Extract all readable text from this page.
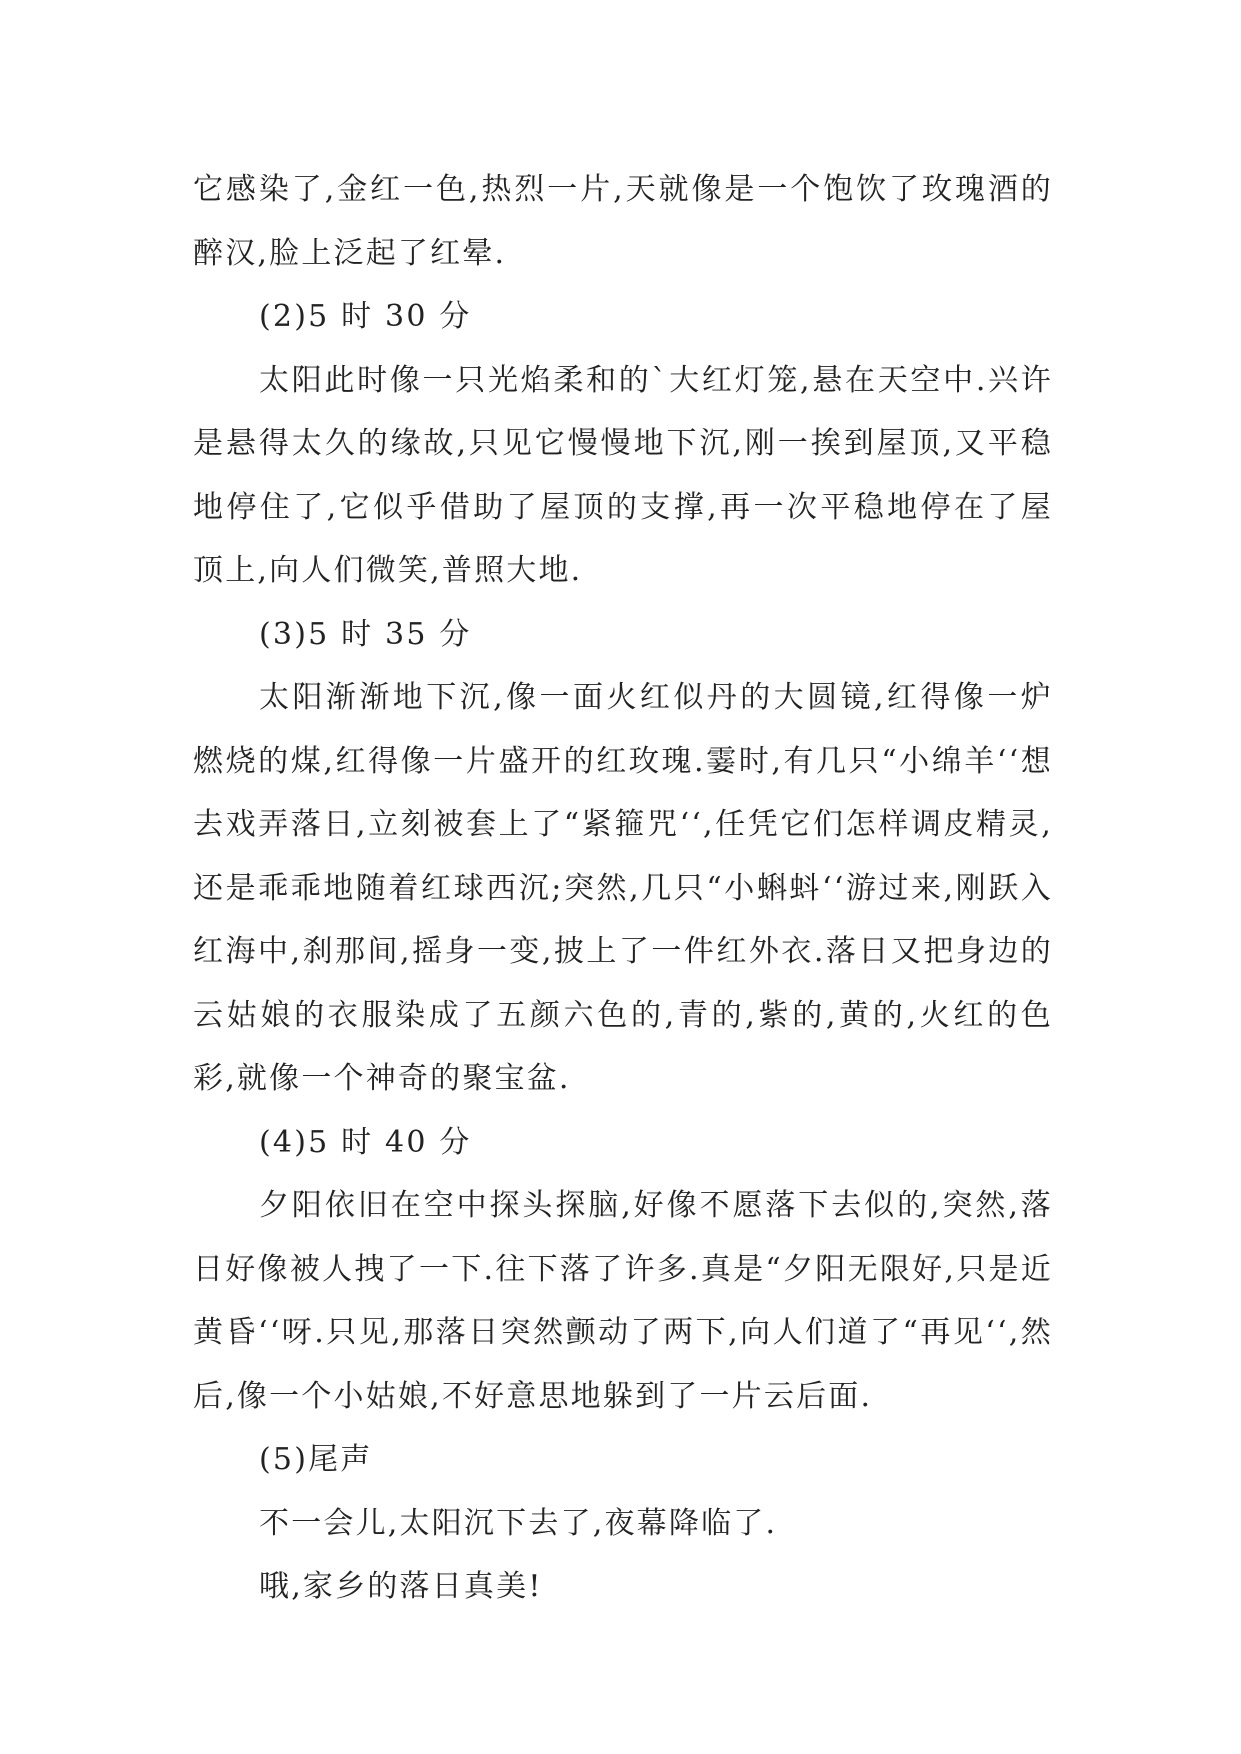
它感染了,金红一色,热烈一片,天就像是一个饱饮了玫瑰酒的醉汉,脸上泛起了红晕.

(2)5 时 30 分

太阳此时像一只光焰柔和的`大红灯笼,悬在天空中.兴许是悬得太久的缘故,只见它慢慢地下沉,刚一挨到屋顶,又平稳地停住了,它似乎借助了屋顶的支撑,再一次平稳地停在了屋顶上,向人们微笑,普照大地.

(3)5 时 35 分

太阳渐渐地下沉,像一面火红似丹的大圆镜,红得像一炉燃烧的煤,红得像一片盛开的红玫瑰.霎时,有几只“小绵羊‘‘想去戏弄落日,立刻被套上了“紧箍咒‘‘,任凭它们怎样调皮精灵,还是乖乖地随着红球西沉;突然,几只“小蝌蚪‘‘游过来,刚跃入红海中,刹那间,摇身一变,披上了一件红外衣.落日又把身边的云姑娘的衣服染成了五颜六色的,青的,紫的,黄的,火红的色彩,就像一个神奇的聚宝盆.

(4)5 时 40 分

夕阳依旧在空中探头探脑,好像不愿落下去似的,突然,落日好像被人拽了一下.往下落了许多.真是“夕阳无限好,只是近黄昏‘‘呀.只见,那落日突然颤动了两下,向人们道了“再见‘‘,然后,像一个小姑娘,不好意思地躲到了一片云后面.

(5)尾声

不一会儿,太阳沉下去了,夜幕降临了.

哦,家乡的落日真美!
